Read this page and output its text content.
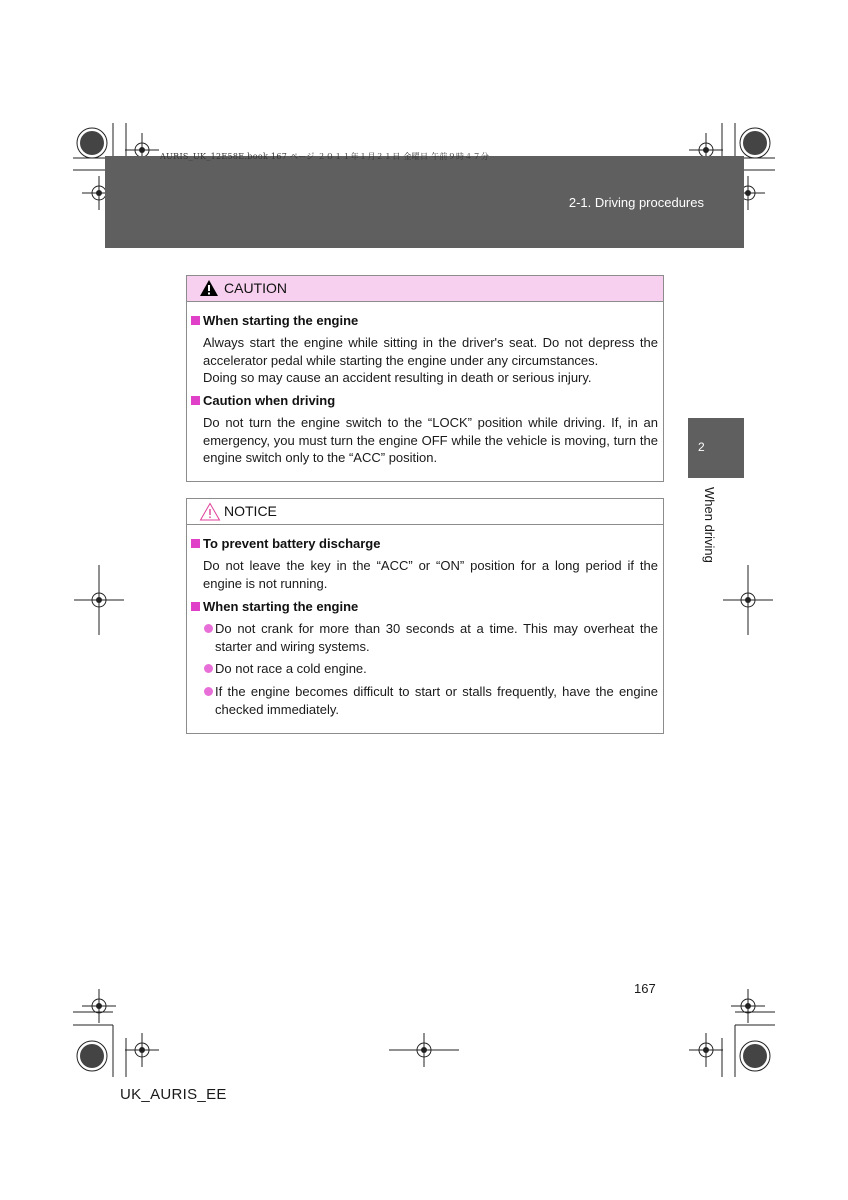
2-1. Driving procedures
AURIS_UK_12E58E.book 167 ページ ２０１１年１月２１日 金曜日 午前９時４７分
2
When driving
CAUTION
When starting the engine
Always start the engine while sitting in the driver's seat. Do not depress the accelerator pedal while starting the engine under any circumstances.
Doing so may cause an accident resulting in death or serious injury.
Caution when driving
Do not turn the engine switch to the “LOCK” position while driving. If, in an emergency, you must turn the engine OFF while the vehicle is moving, turn the engine switch only to the “ACC” position.
NOTICE
To prevent battery discharge
Do not leave the key in the “ACC” or “ON” position for a long period if the engine is not running.
When starting the engine
Do not crank for more than 30 seconds at a time. This may overheat the starter and wiring systems.
Do not race a cold engine.
If the engine becomes difficult to start or stalls frequently, have the engine checked immediately.
167
UK_AURIS_EE
